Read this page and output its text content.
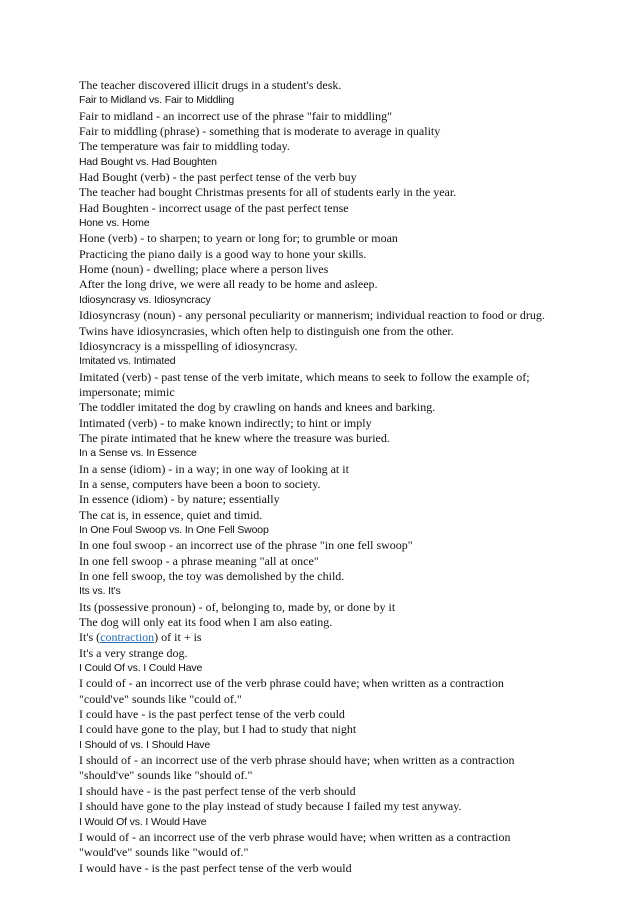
The teacher discovered illicit drugs in a student's desk.
Fair to Midland vs. Fair to Middling
Fair to midland - an incorrect use of the phrase "fair to middling"
Fair to middling (phrase) - something that is moderate to average in quality
The temperature was fair to middling today.
Had Bought vs. Had Boughten
Had Bought (verb) - the past perfect tense of the verb buy
The teacher had bought Christmas presents for all of students early in the year.
Had Boughten - incorrect usage of the past perfect tense
Hone vs. Home
Hone (verb) - to sharpen; to yearn or long for; to grumble or moan
Practicing the piano daily is a good way to hone your skills.
Home (noun) - dwelling; place where a person lives
After the long drive, we were all ready to be home and asleep.
Idiosyncrasy vs. Idiosyncracy
Idiosyncrasy (noun) - any personal peculiarity or mannerism; individual reaction to food or drug.
Twins have idiosyncrasies, which often help to distinguish one from the other.
Idiosyncracy is a misspelling of idiosyncrasy.
Imitated vs. Intimated
Imitated (verb) - past tense of the verb imitate, which means to seek to follow the example of;
impersonate; mimic
The toddler imitated the dog by crawling on hands and knees and barking.
Intimated (verb) - to make known indirectly; to hint or imply
The pirate intimated that he knew where the treasure was buried.
In a Sense vs. In Essence
In a sense (idiom) - in a way; in one way of looking at it
In a sense, computers have been a boon to society.
In essence (idiom) - by nature; essentially
The cat is, in essence, quiet and timid.
In One Foul Swoop vs. In One Fell Swoop
In one foul swoop - an incorrect use of the phrase "in one fell swoop"
In one fell swoop - a phrase meaning "all at once"
In one fell swoop, the toy was demolished by the child.
Its vs. It's
Its (possessive pronoun) - of, belonging to, made by, or done by it
The dog will only eat its food when I am also eating.
It's (contraction) of it + is
It's a very strange dog.
I Could Of vs. I Could Have
I could of - an incorrect use of the verb phrase could have; when written as a contraction
"could've" sounds like "could of."
I could have - is the past perfect tense of the verb could
I could have gone to the play, but I had to study that night
I Should of vs. I Should Have
I should of - an incorrect use of the verb phrase should have; when written as a contraction
"should've" sounds like "should of."
I should have - is the past perfect tense of the verb should
I should have gone to the play instead of study because I failed my test anyway.
I Would Of vs. I Would Have
I would of - an incorrect use of the verb phrase would have; when written as a contraction
"would've" sounds like "would of."
I would have - is the past perfect tense of the verb would
